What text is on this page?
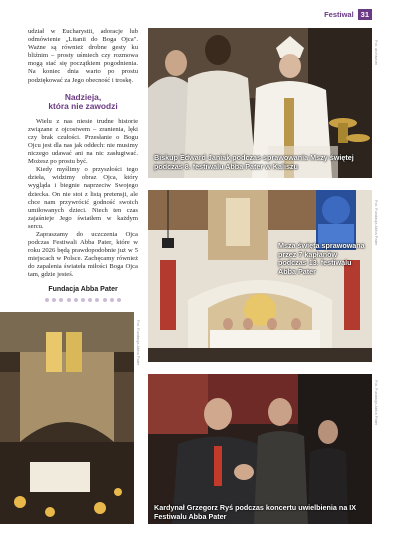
Festiwal 31

udział w Eucharystii, adoracje lub odmówienie „Litanii do Boga Ojca". Ważne są również drobne gesty ku bliźnim – prosty uśmiech czy rozmowa mogą stać się początkiem pogodnienia. Na koniec dnia warto po prostu podziękować za Jego obecność i troskę.

Nadzieja,
która nie zawodzi

Wielu z nas niesie trudne historie związane z ojcostwem – zranienia, lęki czy brak czułości. Przesłanie o Bogu Ojcu jest dla nas jak oddech: nie musimy niczego udawać ani na nic zasługiwać. Możesz po prostu być.

Kiedy myślimy o przyszłości tego dzieła, widzimy obraz Ojca, który wygląda i biegnie naprzeciw Swojego dziecka. On nie stoi z listą pretensji, ale chce nam przywrócić godność swoich umiłowanych dzieci. Niech ten czas zajaśnieje Jego światłem w każdym sercu.

Zapraszamy do uczczenia Ojca podczas Festiwali Abba Pater, które w roku 2026 będą prawdopodobnie już w 5 miejscach w Polsce. Zachęcamy również do zapalenia świateła miłości Boga Ojca tam, gdzie jesteś.

Fundacja Abba Pater
Biskup Edward Janiak podczas sprawowania Mszy świętej podczas 8. festiwalu Abba Pater w Kaliszu
Fot. archiwum
Msza święta sprawowana przez 7 kapłanów podczas 13. festiwalu Abba Pater
Fot. Fundacja Abba Pater
Fot. Fundacja Abba Pater
Kardynał Grzegorz Ryś podczas koncertu uwielbienia na IX Festiwalu Abba Pater
Fot. Fundacja Abba Pater
